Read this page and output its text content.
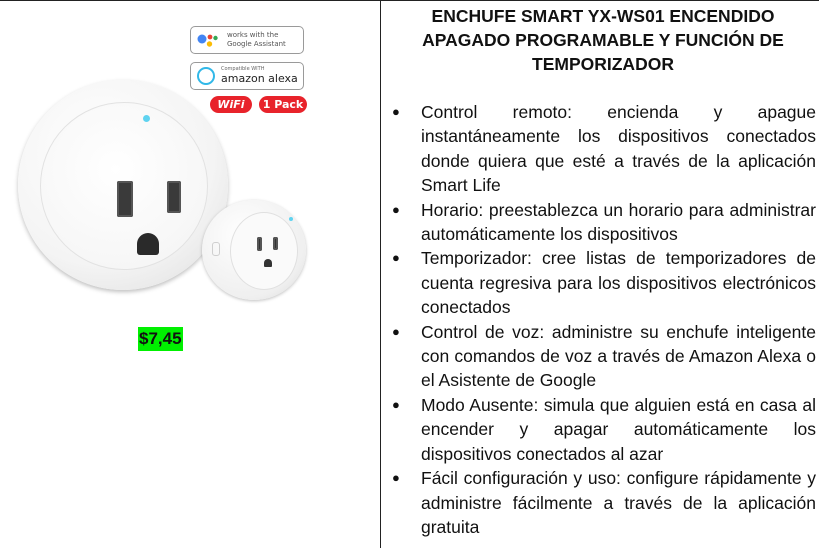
works with the
Google Assistant
Compatible WITH
amazon alexa
WiFi	1 Pack
$7,45
ENCHUFE SMART YX-WS01 ENCENDIDO APAGADO PROGRAMABLE Y FUNCIÓN DE TEMPORIZADOR
● Control remoto: encienda y apague instantáneamente los dispositivos conectados donde quiera que esté a través de la aplicación Smart Life
● Horario: preestablezca un horario para administrar automáticamente los dispositivos
● Temporizador: cree listas de temporizadores de cuenta regresiva para los dispositivos electrónicos conectados
● Control de voz: administre su enchufe inteligente con comandos de voz a través de Amazon Alexa o el Asistente de Google
● Modo Ausente: simula que alguien está en casa al encender y apagar automáticamente los dispositivos conectados al azar
● Fácil configuración y uso: configure rápidamente y administre fácilmente a través de la aplicación gratuita
